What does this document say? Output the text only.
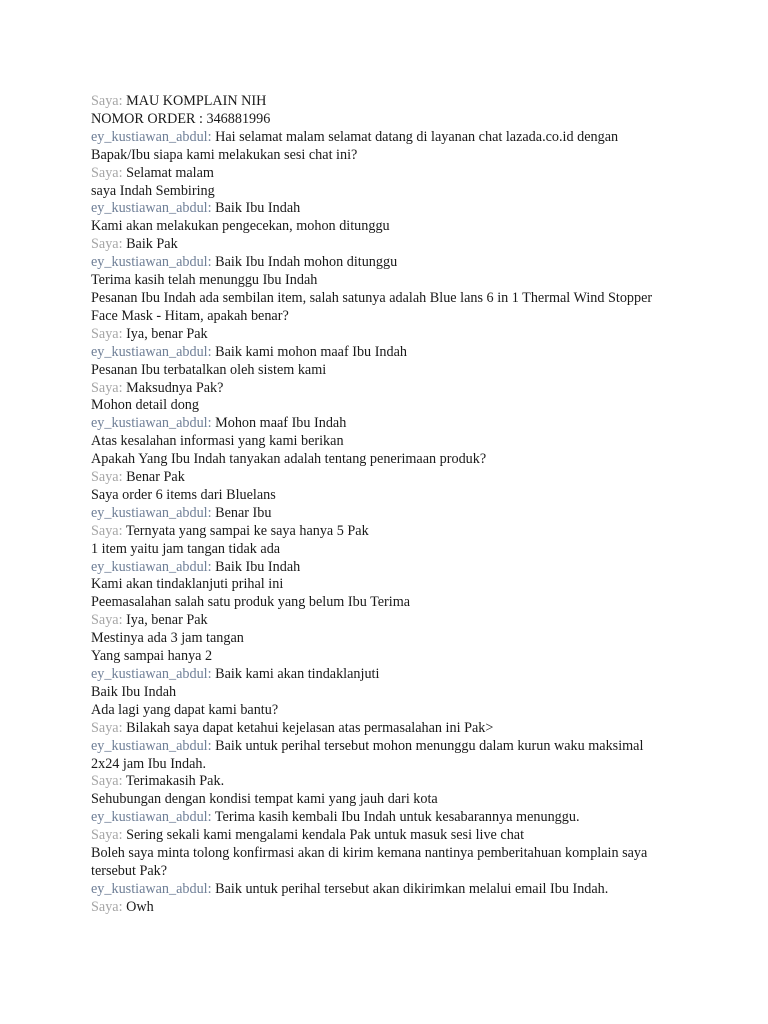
Saya: MAU KOMPLAIN NIH
NOMOR ORDER : 346881996
ey_kustiawan_abdul: Hai selamat malam selamat datang di layanan chat lazada.co.id dengan Bapak/Ibu siapa kami melakukan sesi chat ini?
Saya: Selamat malam
saya Indah Sembiring
ey_kustiawan_abdul: Baik Ibu Indah
Kami akan melakukan pengecekan, mohon ditunggu
Saya: Baik Pak
ey_kustiawan_abdul: Baik Ibu Indah mohon ditunggu
Terima kasih telah menunggu Ibu Indah
Pesanan Ibu Indah ada sembilan item, salah satunya adalah Blue lans 6 in 1 Thermal Wind Stopper Face Mask - Hitam, apakah benar?
Saya: Iya, benar Pak
ey_kustiawan_abdul: Baik kami mohon maaf Ibu Indah
Pesanan Ibu terbatalkan oleh sistem kami
Saya: Maksudnya Pak?
Mohon detail dong
ey_kustiawan_abdul: Mohon maaf Ibu Indah
Atas kesalahan informasi yang kami berikan
Apakah Yang Ibu Indah tanyakan adalah tentang penerimaan produk?
Saya: Benar Pak
Saya order 6 items dari Bluelans
ey_kustiawan_abdul: Benar Ibu
Saya: Ternyata yang sampai ke saya hanya 5 Pak
1 item yaitu jam tangan tidak ada
ey_kustiawan_abdul: Baik Ibu Indah
Kami akan tindaklanjuti prihal ini
Peemasalahan salah satu produk yang belum Ibu Terima
Saya: Iya, benar Pak
Mestinya ada 3 jam tangan
Yang sampai hanya 2
ey_kustiawan_abdul: Baik kami akan tindaklanjuti
Baik Ibu Indah
Ada lagi yang dapat kami bantu?
Saya: Bilakah saya dapat ketahui kejelasan atas permasalahan ini Pak>
ey_kustiawan_abdul: Baik untuk perihal tersebut mohon menunggu dalam kurun waku maksimal 2x24 jam Ibu Indah.
Saya: Terimakasih Pak.
Sehubungan dengan kondisi tempat kami yang jauh dari kota
ey_kustiawan_abdul: Terima kasih kembali Ibu Indah untuk kesabarannya menunggu.
Saya: Sering sekali kami mengalami kendala Pak untuk masuk sesi live chat
Boleh saya minta tolong konfirmasi akan di kirim kemana nantinya pemberitahuan komplain saya tersebut Pak?
ey_kustiawan_abdul: Baik untuk perihal tersebut akan dikirimkan melalui email Ibu Indah.
Saya: Owh
